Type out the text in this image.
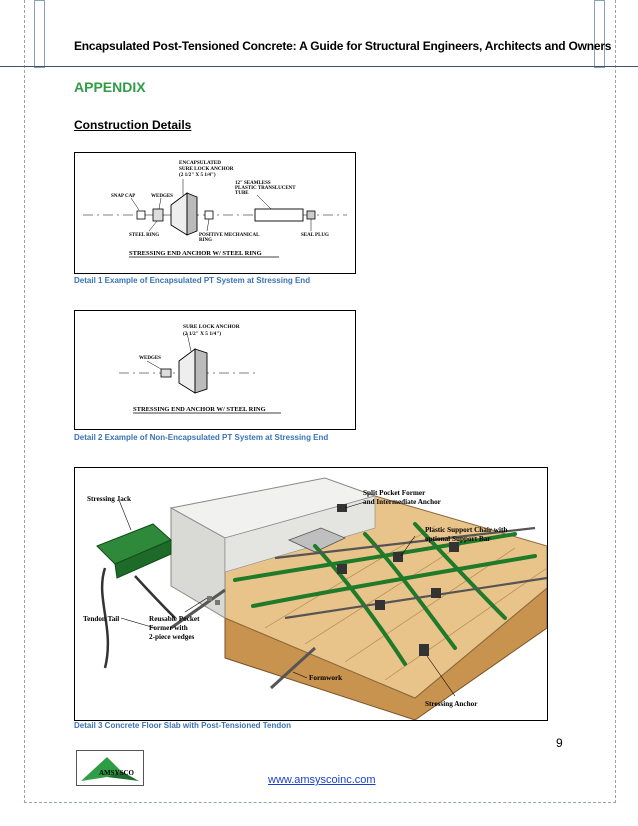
Encapsulated Post-Tensioned Concrete: A Guide for Structural Engineers, Architects and Owners
APPENDIX
Construction Details
ENCAPSULATED
SURE LOCK ANCHOR
(2 1/2" X 5 1/4")
12" SEAMLESS
PLASTIC TRANSLUCENT
TUBE
SNAP CAP	WEDGES
STEEL RING	POSITIVE MECHANICAL
RING
SEAL PLUG
STRESSING END ANCHOR W/ STEEL RING
Detail 1 Example of Encapsulated PT System at Stressing End
SURE LOCK ANCHOR
(2 1/2" X 5 1/4")
WEDGES
STRESSING END ANCHOR W/ STEEL RING
Detail 2 Example of Non-Encapsulated PT System at Stressing End
Stressing Jack
Split Pocket Former
and Intermediate Anchor
Plastic Support Chair with
optional Support Bar
Tendon Tail	Reusable Pocket
Former with
2-piece wedges
Formwork
Stressing Anchor
Detail 3 Concrete Floor Slab with Post-Tensioned Tendon
9
AMSYSCO
www.amsyscoinc.com
